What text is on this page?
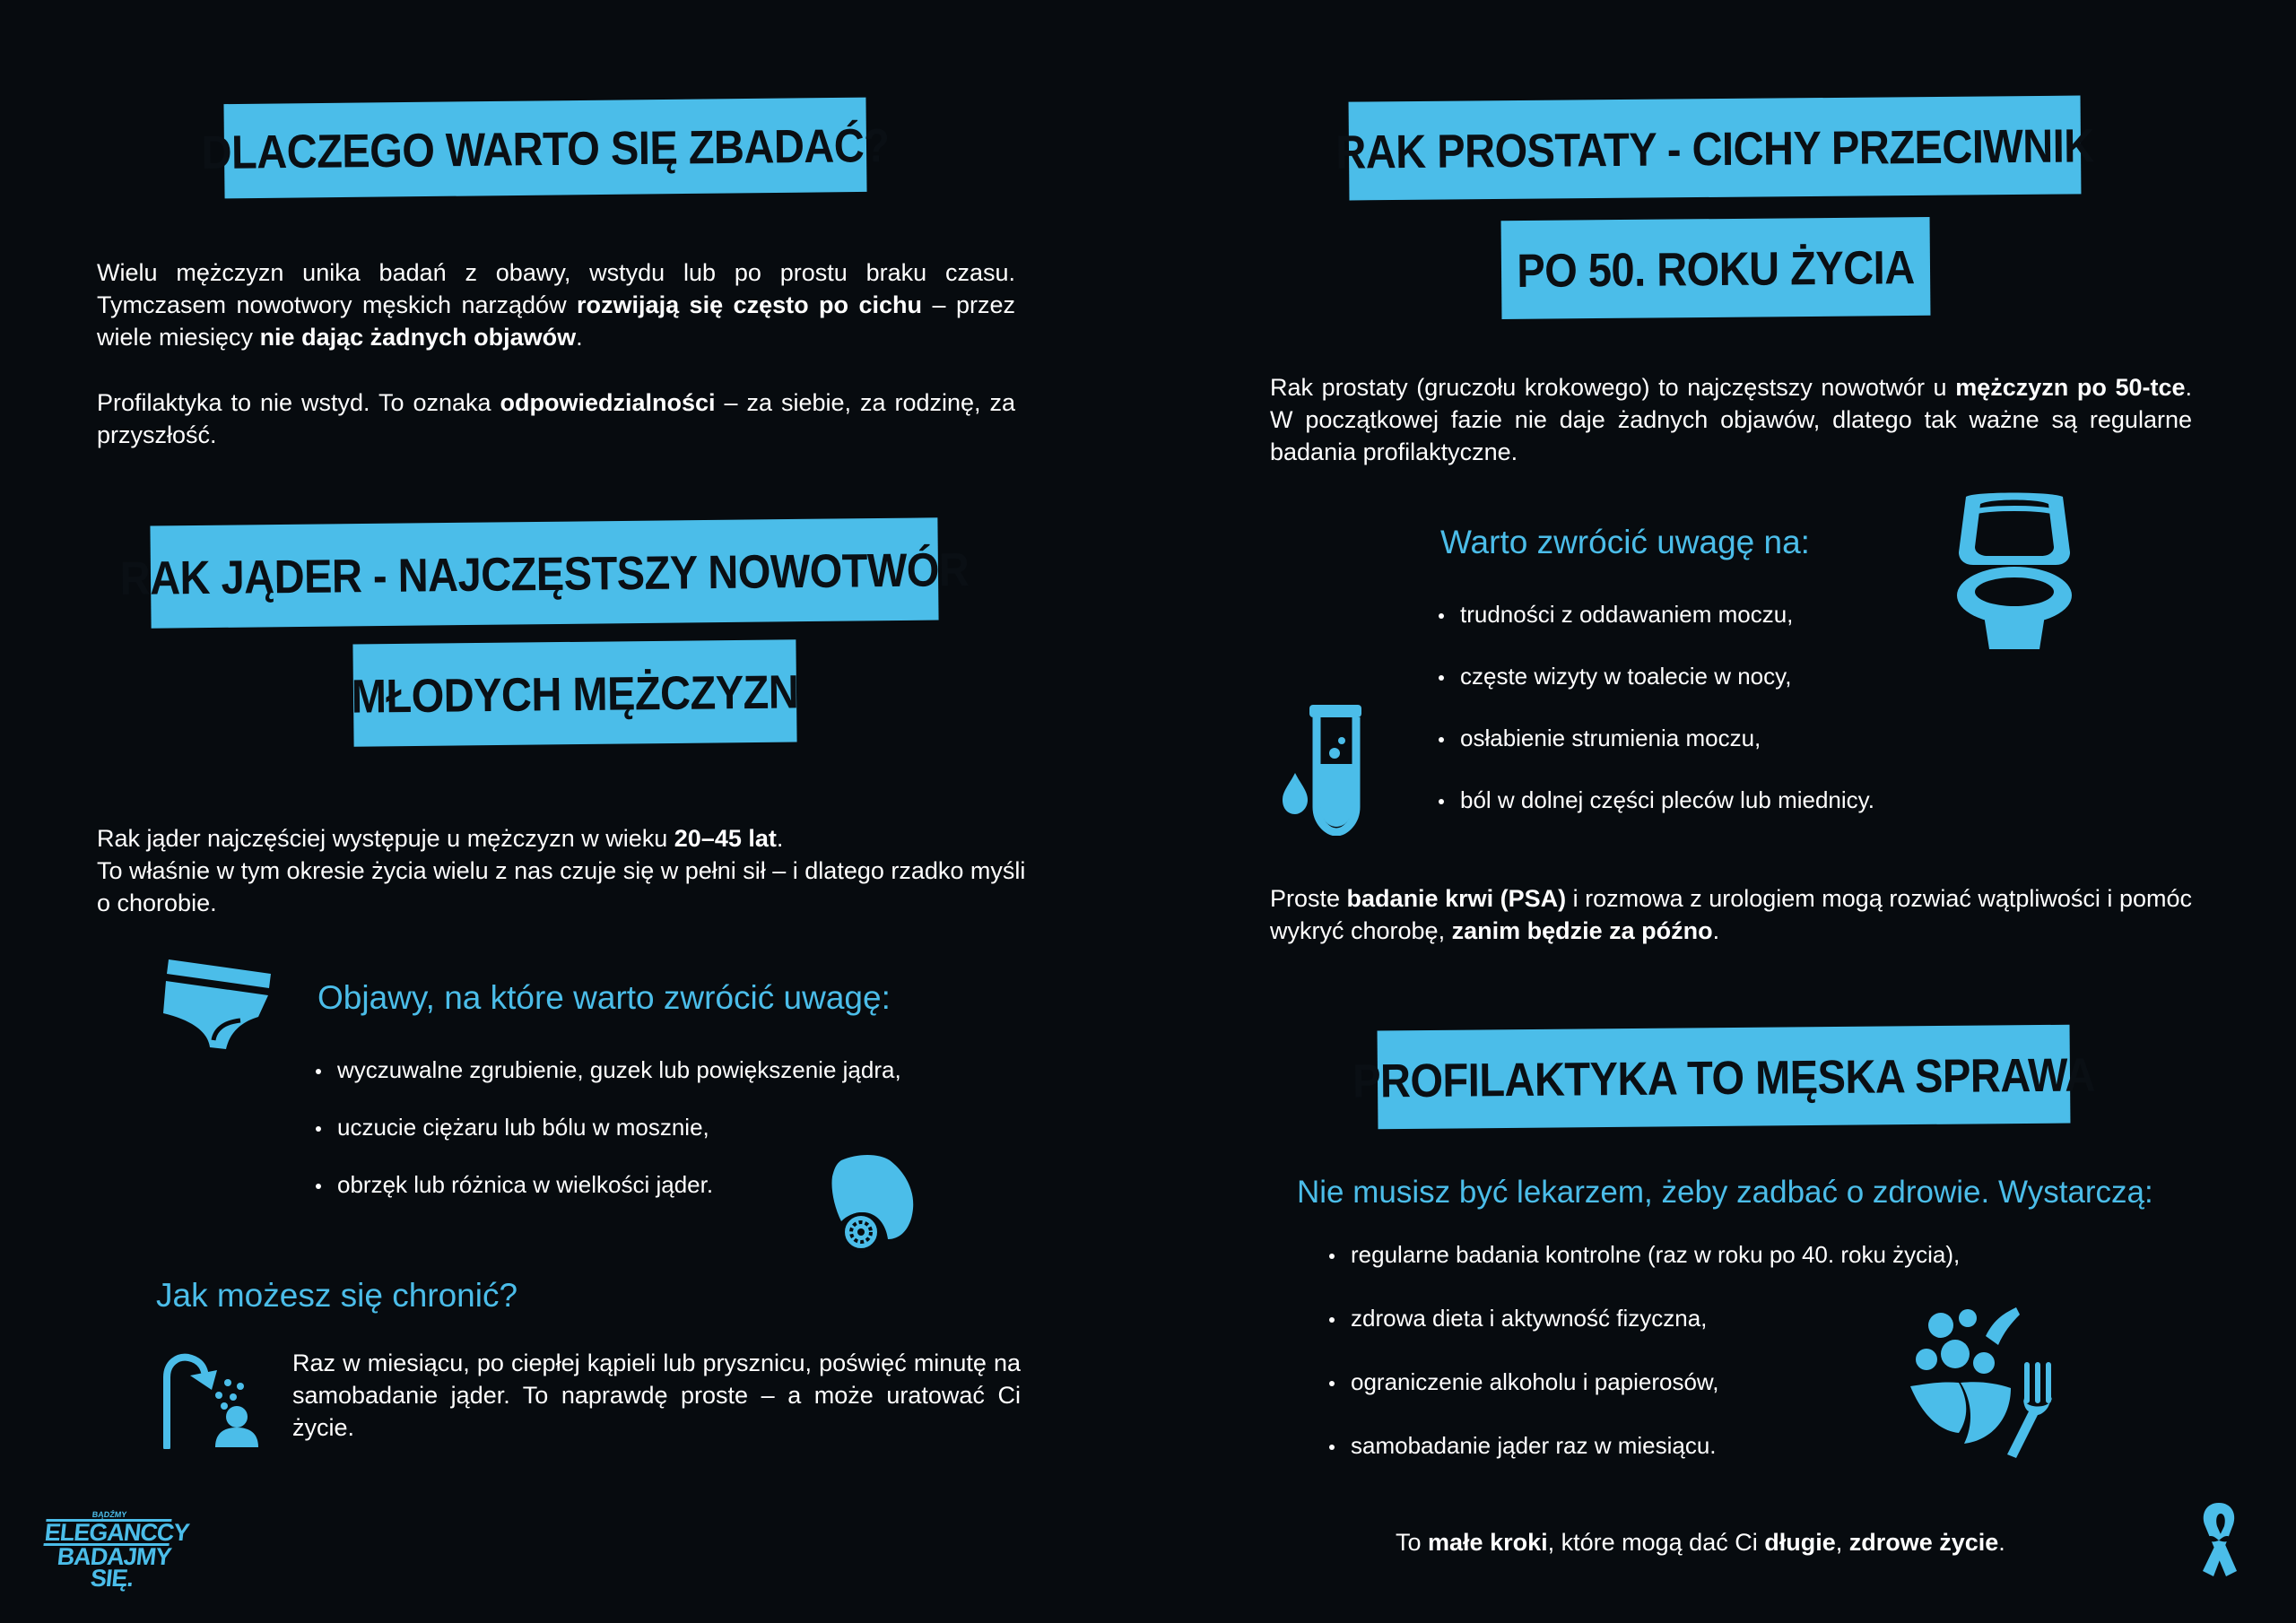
DLACZEGO WARTO SIĘ ZBADAĆ?
Wielu mężczyzn unika badań z obawy, wstydu lub po prostu braku czasu. Tymczasem nowotwory męskich narządów rozwijają się często po cichu – przez wiele miesięcy nie dając żadnych objawów.
Profilaktyka to nie wstyd. To oznaka odpowiedzialności – za siebie, za rodzinę, za przyszłość.
RAK JĄDER - NAJCZĘSTSZY NOWOTWÓR
MŁODYCH MĘŻCZYZN
Rak jąder najczęściej występuje u mężczyzn w wieku 20–45 lat.
To właśnie w tym okresie życia wielu z nas czuje się w pełni sił – i dlatego rzadko myśli o chorobie.
Objawy, na które warto zwrócić uwagę:
wyczuwalne zgrubienie, guzek lub powiększenie jądra,
uczucie ciężaru lub bólu w mosznie,
obrzęk lub różnica w wielkości jąder.
Jak możesz się chronić?
Raz w miesiącu, po ciepłej kąpieli lub prysznicu, poświęć minutę na samobadanie jąder. To naprawdę proste – a może uratować Ci życie.
BĄDŹMY
ELEGANCCY
BADAJMY SIĘ.
RAK PROSTATY - CICHY PRZECIWNIK
PO 50. ROKU ŻYCIA
Rak prostaty (gruczołu krokowego) to najczęstszy nowotwór u mężczyzn po 50-tce. W początkowej fazie nie daje żadnych objawów, dlatego tak ważne są regularne badania profilaktyczne.
Warto zwrócić uwagę na:
trudności z oddawaniem moczu,
częste wizyty w toalecie w nocy,
osłabienie strumienia moczu,
ból w dolnej części pleców lub miednicy.
Proste badanie krwi (PSA) i rozmowa z urologiem mogą rozwiać wątpliwości i pomóc wykryć chorobę, zanim będzie za późno.
PROFILAKTYKA TO MĘSKA SPRAWA
Nie musisz być lekarzem, żeby zadbać o zdrowie. Wystarczą:
regularne badania kontrolne (raz w roku po 40. roku życia),
zdrowa dieta i aktywność fizyczna,
ograniczenie alkoholu i papierosów,
samobadanie jąder raz w miesiącu.
To małe kroki, które mogą dać Ci długie, zdrowe życie.
